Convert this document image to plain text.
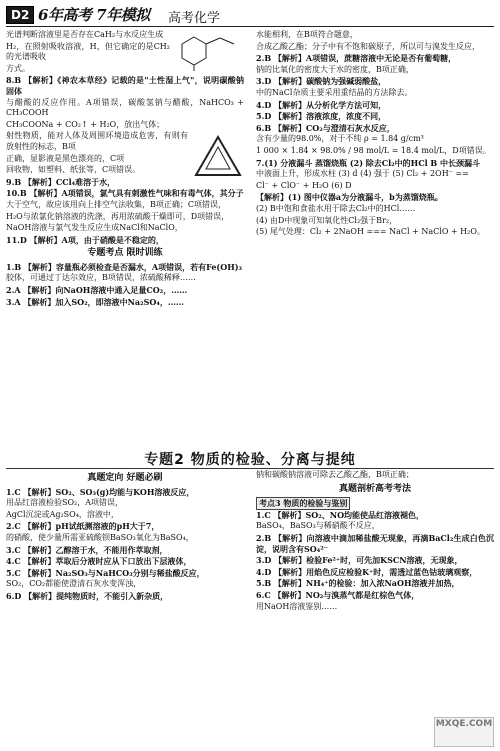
D2 6年高考 7年模拟 高考化学

光谱判断溶液里是否存在CaH₂与水反应生成

H₂，在照射吸收溶液，H，但它确定的是CH₂的光谱吸收

方式。

8.B 【解析】《神农本草经》记载的是"土性湿上气"，说明碳酸钠固体

与醋酸的反应作用。A项错误，碳酸氢钠与醋酸，NaHCO₃ + CH₃COOH

CH₃COONa + CO₂↑ + H₂O，放出气体；

射性物质，能对人体及周围环境造成危害，有则有放射性的标志，B项

正确，显影液是黑色漂亮的，C项

回收物，如塑料、纸张等，C项错误。

9.B 【解析】CCl₄难溶于水，

10.B 【解析】A项错误，氯气具有刺激性气味和有毒气体，其分子

大于空气，故应该用向上排空气法收集，B项正确；C项错误，

H₂O与浓氯化钠溶液的洗涤，再用浓硫酸干燥即可，D项错误，

NaOH溶液与氯气发生反应生成NaCl和NaClO，

11.D 【解析】A项，由于硝酸是不稳定的，

专题考点 限时训练

1.B 【解析】容量瓶必须检查是否漏水，A项错误，若有Fe(OH)₃

胶体，可通过丁达尔效应，B项错误，浓硫酸稀释……

2.A 【解析】向NaOH溶液中通入足量CO₂，……

3.A 【解析】加入SO₂，即溶液中Na₂SO₄，……

水能相利，在B项符合题意，

合成乙酸乙酯；分子中有不饱和碳原子，所以可与溴发生反应，

2.B 【解析】A项错误，蔗糖溶液中无论是否有葡萄糖，

钠的比氧化的密度大于水的密度，B项正确，

3.D 【解析】碳酸钠为强碱弱酸盐，

中的NaCl杂质主要采用重结晶的方法除去。

4.D 【解析】从分析化学方法可知，

5.D 【解析】溶液浓度，浓度不同，

6.B 【解析】CO₂与澄清石灰水反应，

含有少量的98.0%，对于不纯 ρ = 1.84 g/cm³

1 000 × 1.84 × 98.0% / 98 mol/L = 18.4 mol/L，D项错误。

7.(1) 分液漏斗 蒸馏烧瓶 (2) 除去Cl₂中的HCl B 中长颈漏斗

中液面上升，形成水柱 (3) d (4) 强于 (5) Cl₂ + 2OH⁻ ==

Cl⁻ + ClO⁻ + H₂O (6) D

【解析】(1) 图中仪器a为分液漏斗，b为蒸馏烧瓶。

(2) B中饱和食盐水用于除去Cl₂中的HCl……

(4) 由D中现象可知氧化性Cl₂强于Br₂，

(5) 尾气处理：Cl₂ + 2NaOH === NaCl + NaClO + H₂O。

专题2 物质的检验、分离与提纯
真题定向 好题必刷

1.C 【解析】SO₂、SO₃(g)均能与KOH溶液反应，

用品红溶液检验SO₂，A项错误，

AgCl沉淀或Ag₂SO₄，溶液中，

2.C 【解析】pH试纸测溶液的pH大于7，

的硝酸，使少量所需亚硫酸钡BaSO₃氧化为BaSO₄，

3.C 【解析】乙醇溶于水，不能用作萃取剂，

4.C 【解析】萃取后分液时应从下口放出下层液体，

5.C 【解析】Na₂SO₃与NaHCO₃分别与稀盐酸反应，

SO₂，CO₂都能使澄清石灰水变浑浊，

6.D 【解析】提纯物质时，不能引入新杂质，

钠和碳酸钠溶液可除去乙酸乙酯，B项正确；

真题剖析高考考法
考点3 物质的检验与鉴别

1.C 【解析】SO₂、NO均能使品红溶液褪色，

BaSO₄，BaSO₃与稀硝酸不反应，

2.B 【解析】向溶液中滴加稀盐酸无现象，再滴BaCl₂生成白色沉淀，说明含有SO₄²⁻

3.D 【解析】检验Fe²⁺时，可先加KSCN溶液，无现象，

4.D 【解析】用焰色反应检验K⁺时，需透过蓝色钴玻璃观察，

5.B 【解析】NH₄⁺的检验：加入浓NaOH溶液并加热，

6.C 【解析】NO₂与溴蒸气都是红棕色气体，

用NaOH溶液鉴别……

MXQE.COM
